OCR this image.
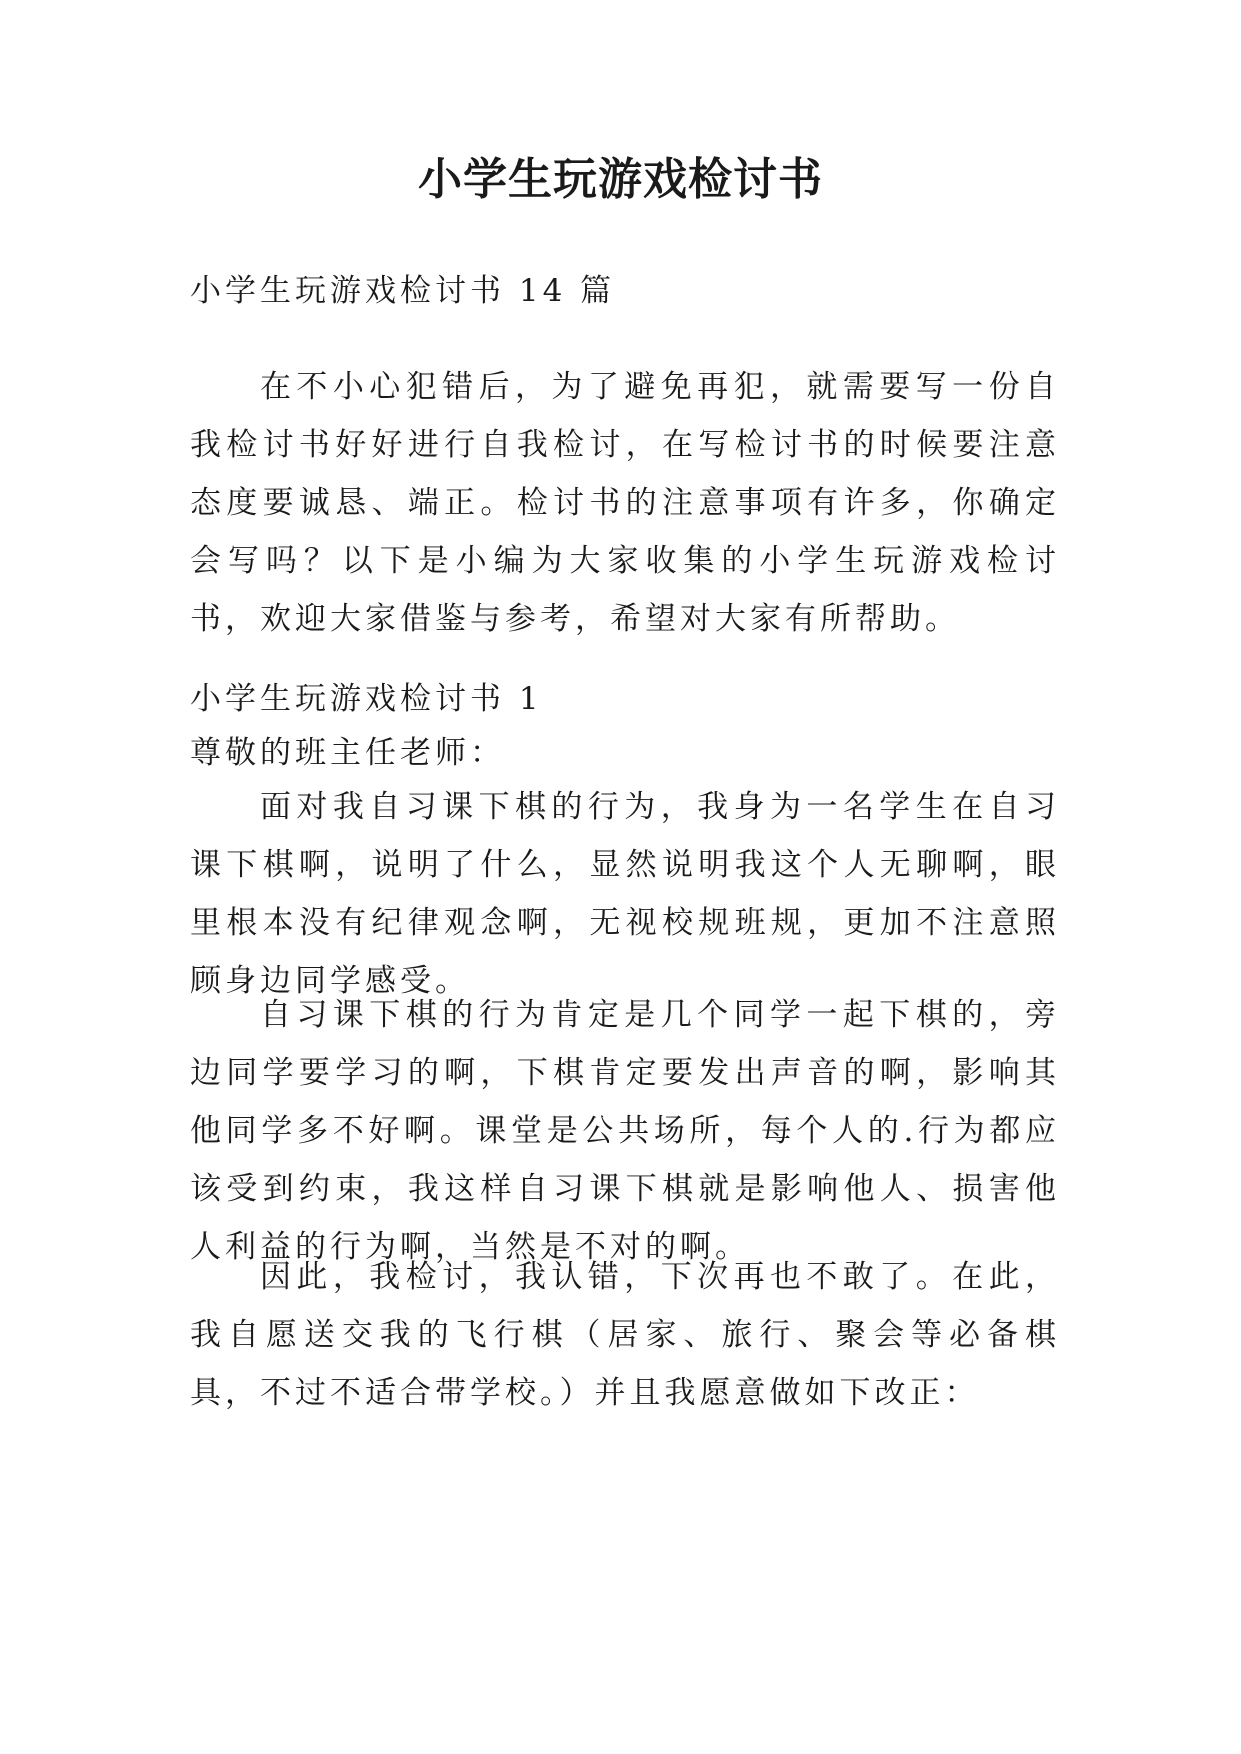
小学生玩游戏检讨书

小学生玩游戏检讨书 14 篇

在不小心犯错后，为了避免再犯，就需要写一份自我检讨书好好进行自我检讨，在写检讨书的时候要注意态度要诚恳、端正。检讨书的注意事项有许多，你确定会写吗？以下是小编为大家收集的小学生玩游戏检讨书，欢迎大家借鉴与参考，希望对大家有所帮助。

小学生玩游戏检讨书 1

尊敬的班主任老师：

面对我自习课下棋的行为，我身为一名学生在自习课下棋啊，说明了什么，显然说明我这个人无聊啊，眼里根本没有纪律观念啊，无视校规班规，更加不注意照顾身边同学感受。

自习课下棋的行为肯定是几个同学一起下棋的，旁边同学要学习的啊，下棋肯定要发出声音的啊，影响其他同学多不好啊。课堂是公共场所，每个人的.行为都应该受到约束，我这样自习课下棋就是影响他人、损害他人利益的行为啊，当然是不对的啊。

因此，我检讨，我认错，下次再也不敢了。在此，我自愿送交我的飞行棋（居家、旅行、聚会等必备棋具，不过不适合带学校。）并且我愿意做如下改正：
